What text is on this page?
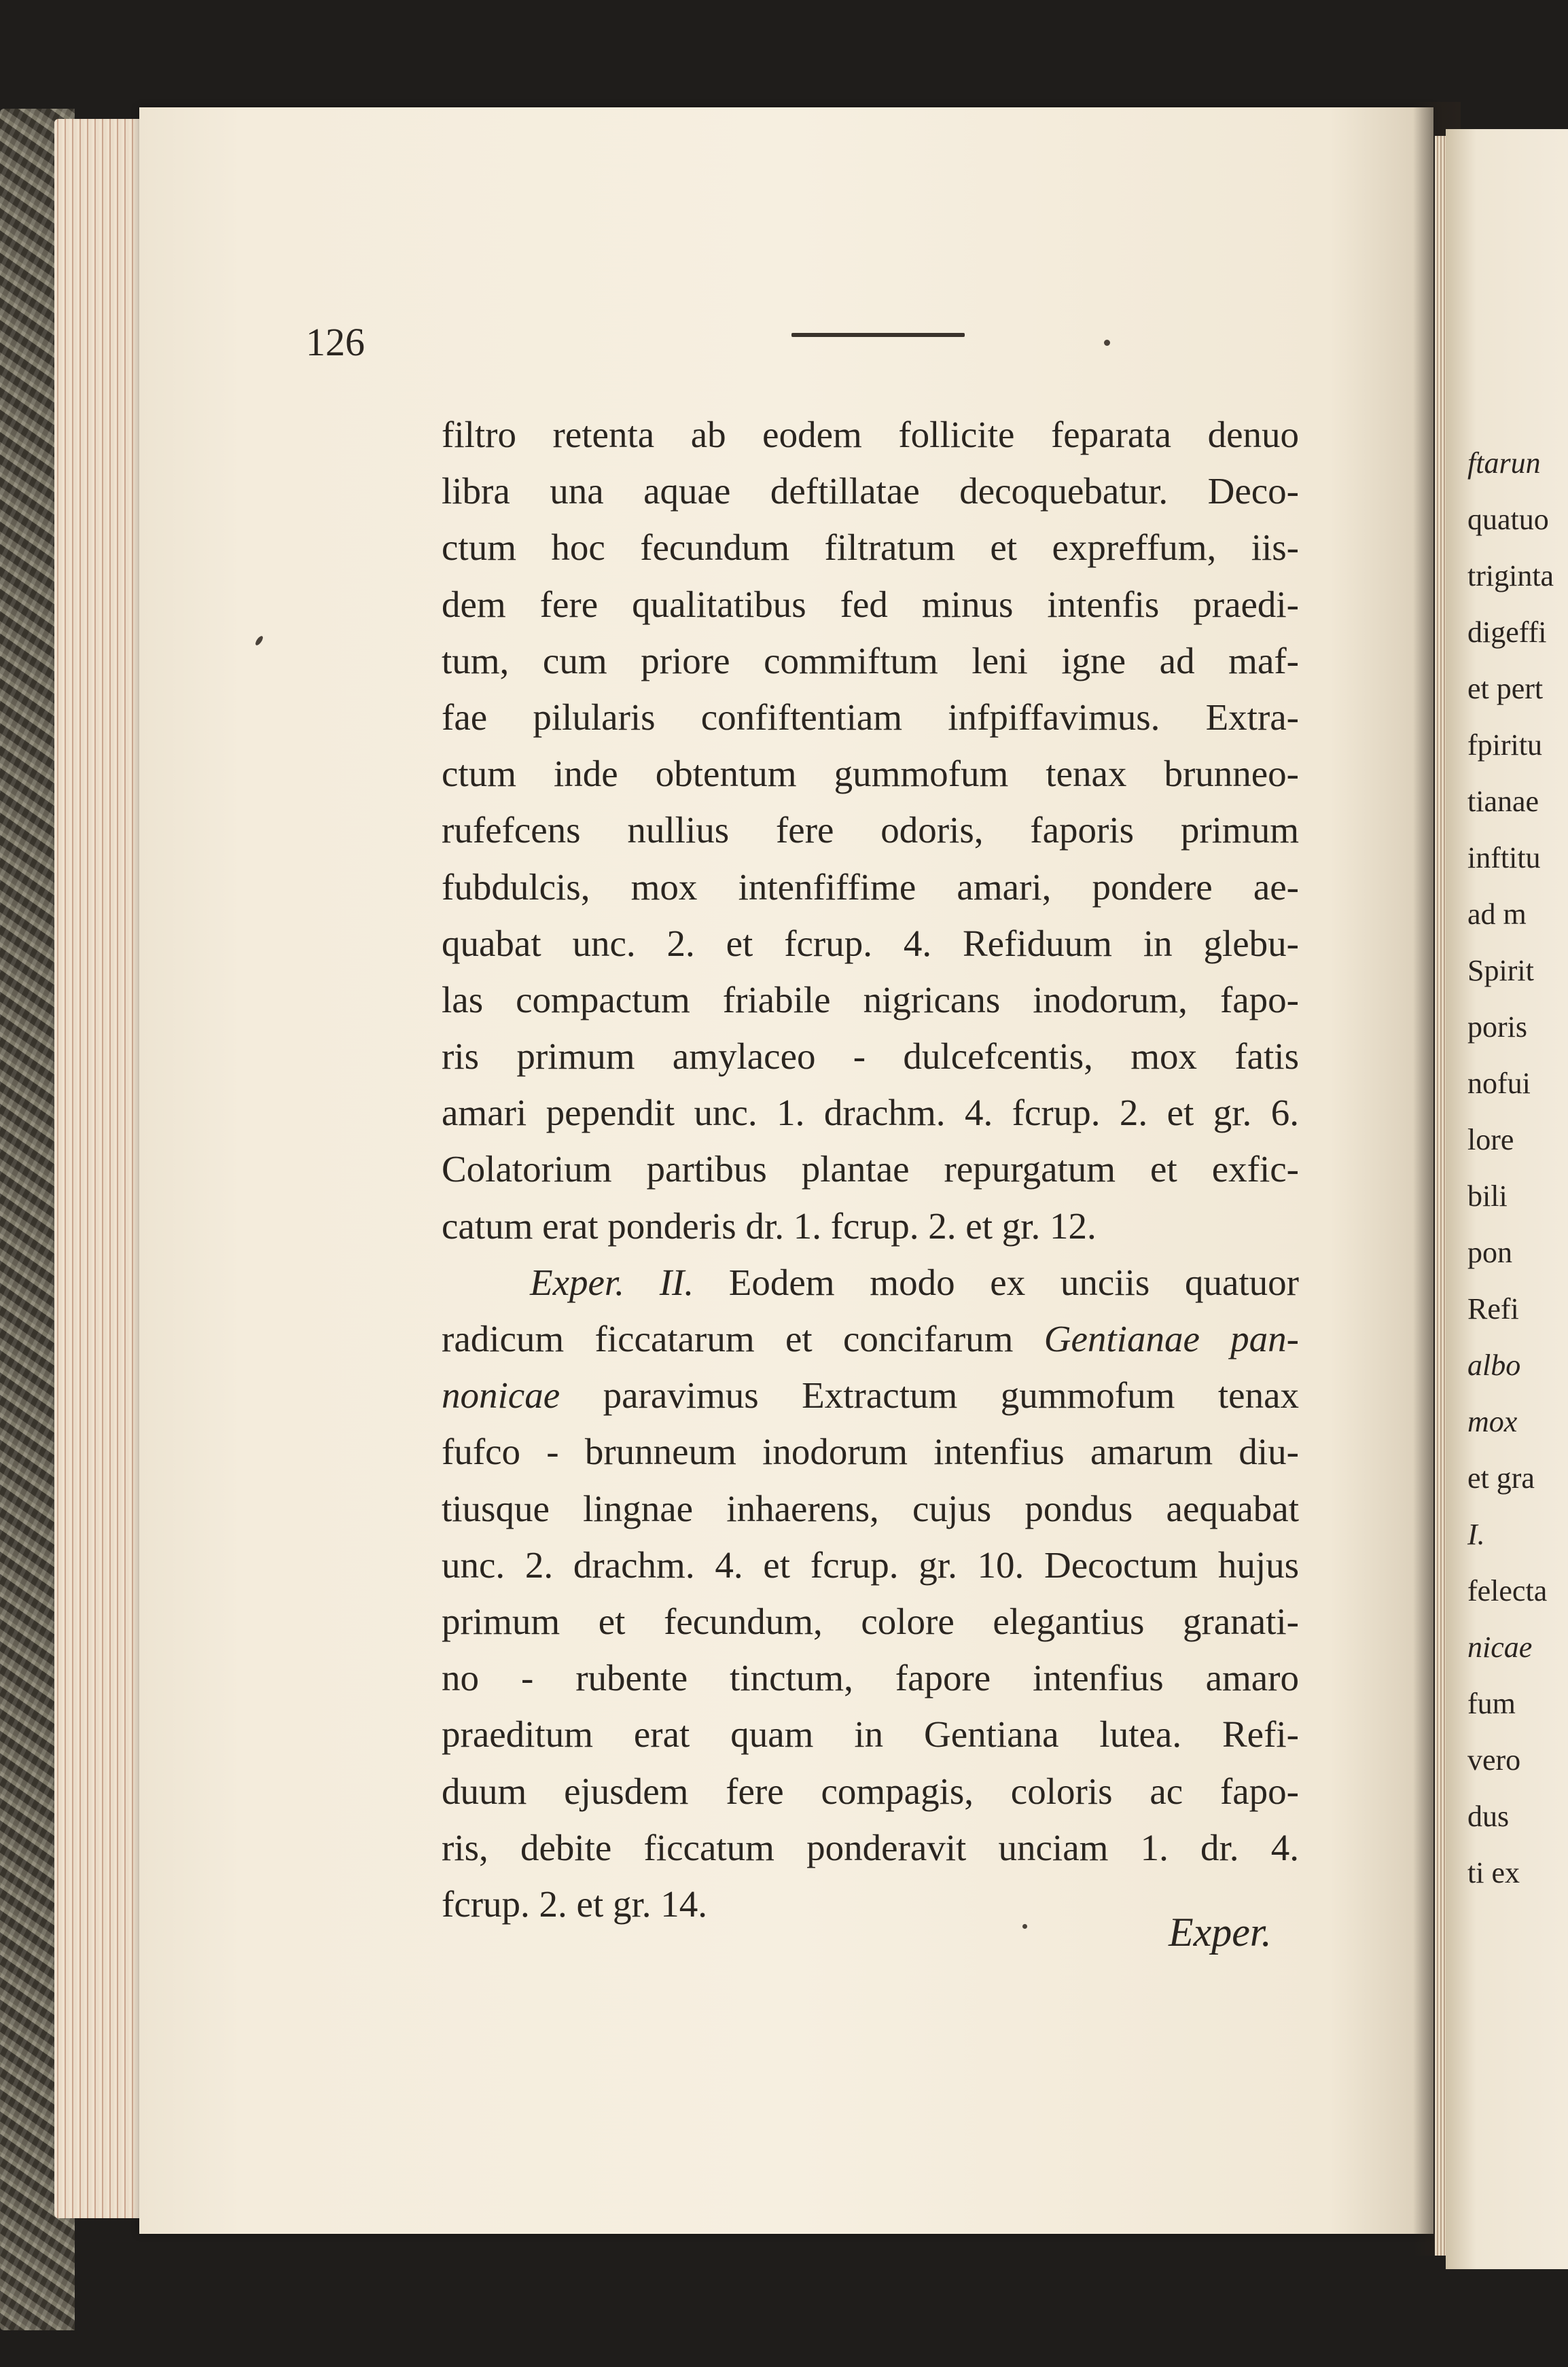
ftarun
quatuo
triginta
digeffi
et pert
fpiritu
tianae
inftitu
ad m
Spirit
poris
nofui
lore
bili
pon
Refi
albo
mox
et gra
I.
felecta
nicae
fum
vero
dus
ti ex
126
filtro retenta ab eodem follicite feparata denuo
libra una aquae deftillatae decoquebatur. Deco-
ctum hoc fecundum filtratum et expreffum, iis-
dem fere qualitatibus fed minus intenfis praedi-
tum, cum priore commiftum leni igne ad maf-
fae pilularis confiftentiam infpiffavimus. Extra-
ctum inde obtentum gummofum tenax brunneo-
rufefcens nullius fere odoris, faporis primum
fubdulcis, mox intenfiffime amari, pondere ae-
quabat unc. 2. et fcrup. 4. Refiduum in glebu-
las compactum friabile nigricans inodorum, fapo-
ris primum amylaceo - dulcefcentis, mox fatis
amari pependit unc. 1. drachm. 4. fcrup. 2. et gr. 6.
Colatorium partibus plantae repurgatum et exfic-
catum erat ponderis dr. 1. fcrup. 2. et gr. 12.
Exper. II. Eodem modo ex unciis quatuor
radicum ficcatarum et concifarum Gentianae pan-
nonicae paravimus Extractum gummofum tenax
fufco - brunneum inodorum intenfius amarum diu-
tiusque lingnae inhaerens, cujus pondus aequabat
unc. 2. drachm. 4. et fcrup. gr. 10. Decoctum hujus
primum et fecundum, colore elegantius granati-
no - rubente tinctum, fapore intenfius amaro
praeditum erat quam in Gentiana lutea. Refi-
duum ejusdem fere compagis, coloris ac fapo-
ris, debite ficcatum ponderavit unciam 1. dr. 4.
fcrup. 2. et gr. 14.
Exper.
